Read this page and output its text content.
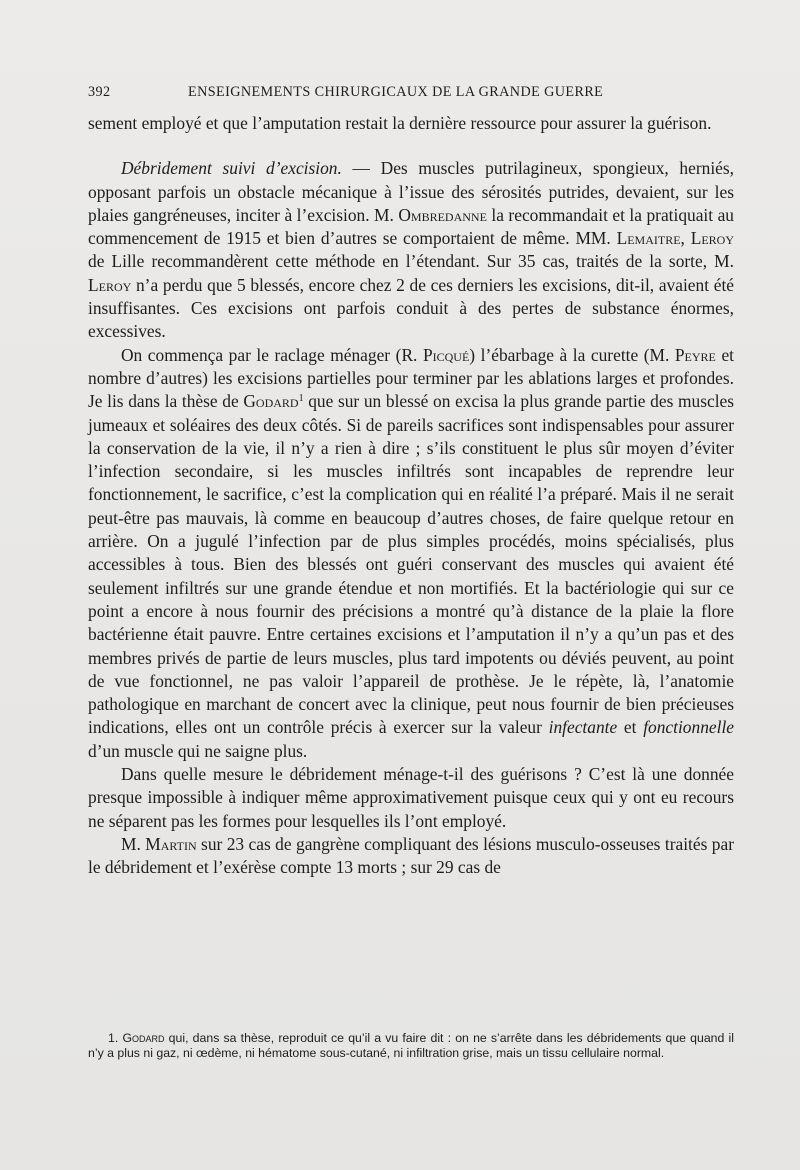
392	ENSEIGNEMENTS CHIRURGICAUX DE LA GRANDE GUERRE

sement employé et que l’amputation restait la dernière ressource pour assurer la guérison.

Débridement suivi d’excision. — Des muscles putrilagineux, spongieux, herniés, opposant parfois un obstacle mécanique à l’issue des sérosités putrides, devaient, sur les plaies gangréneuses, inciter à l’excision. M. Ombredanne la recommandait et la pratiquait au commencement de 1915 et bien d’autres se comportaient de même. MM. Lemaitre, Leroy de Lille recommandèrent cette méthode en l’étendant. Sur 35 cas, traités de la sorte, M. Leroy n’a perdu que 5 blessés, encore chez 2 de ces derniers les excisions, dit-il, avaient été insuffisantes. Ces excisions ont parfois conduit à des pertes de substance énormes, excessives.

On commença par le raclage ménager (R. Picqué) l’ébarbage à la curette (M. Peyre et nombre d’autres) les excisions partielles pour terminer par les ablations larges et profondes. Je lis dans la thèse de Godard$^1$ que sur un blessé on excisa la plus grande partie des muscles jumeaux et soléaires des deux côtés. Si de pareils sacrifices sont indispensables pour assurer la conservation de la vie, il n’y a rien à dire ; s’ils constituent le plus sûr moyen d’éviter l’infection secondaire, si les muscles infiltrés sont incapables de reprendre leur fonctionnement, le sacrifice, c’est la complication qui en réalité l’a préparé. Mais il ne serait peut-être pas mauvais, là comme en beaucoup d’autres choses, de faire quelque retour en arrière. On a jugulé l’infection par de plus simples procédés, moins spécialisés, plus accessibles à tous. Bien des blessés ont guéri conservant des muscles qui avaient été seulement infiltrés sur une grande étendue et non mortifiés. Et la bactériologie qui sur ce point a encore à nous fournir des précisions a montré qu’à distance de la plaie la flore bactérienne était pauvre. Entre certaines excisions et l’amputation il n’y a qu’un pas et des membres privés de partie de leurs muscles, plus tard impotents ou déviés peuvent, au point de vue fonctionnel, ne pas valoir l’appareil de prothèse. Je le répète, là, l’anatomie pathologique en marchant de concert avec la clinique, peut nous fournir de bien précieuses indications, elles ont un contrôle précis à exercer sur la valeur infectante et fonctionnelle d’un muscle qui ne saigne plus.

Dans quelle mesure le débridement ménage-t-il des guérisons ? C’est là une donnée presque impossible à indiquer même approximativement puisque ceux qui y ont eu recours ne séparent pas les formes pour lesquelles ils l’ont employé.

M. Martin sur 23 cas de gangrène compliquant des lésions musculo-osseuses traités par le débridement et l’exérèse compte 13 morts ; sur 29 cas de

1. Godard qui, dans sa thèse, reproduit ce qu’il a vu faire dit : on ne s’arrête dans les débridements que quand il n’y a plus ni gaz, ni œdème, ni hématome sous-cutané, ni infiltration grise, mais un tissu cellulaire normal.
